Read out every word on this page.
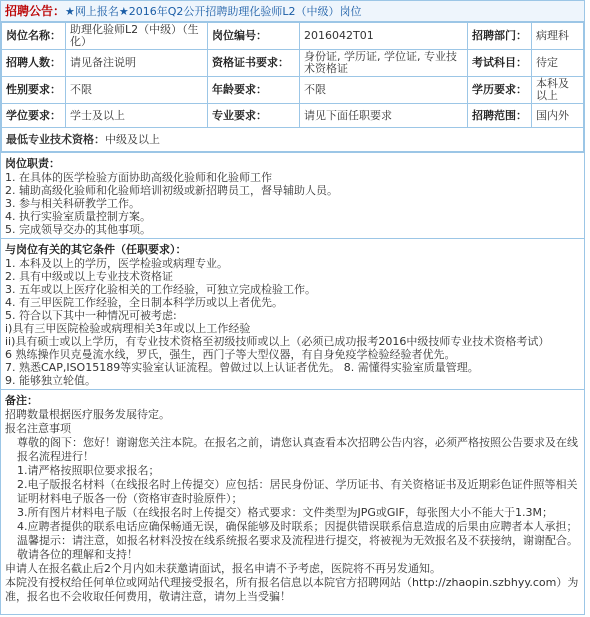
招聘公告：★网上报名★2016年Q2公开招聘助理化验师L2（中级）岗位
岗位名称：	助理化验师L2（中级）（生化）	岗位编号：	2016042T01	招聘部门：	病理科
招聘人数：	请见备注说明	资格证书要求：	身份证, 学历证, 学位证, 专业技术资格证	考试科目：	待定
性别要求：	不限	年龄要求：	不限	学历要求：	本科及以上
学位要求：	学士及以上	专业要求：	请见下面任职要求	招聘范围：	国内外
最低专业技术资格：中级及以上					
岗位职责：

1. 在具体的医学检验方面协助高级化验师和化验师工作

2. 辅助高级化验师和化验师培训初级或新招聘员工，督导辅助人员。

3. 参与相关科研教学工作。

4. 执行实验室质量控制方案。

5. 完成领导交办的其他事项。

与岗位有关的其它条件（任职要求）：

1. 本科及以上的学历，医学检验或病理专业。

2. 具有中级或以上专业技术资格证

3. 五年或以上医疗化验相关的工作经验，可独立完成检验工作。

4. 有三甲医院工作经验，全日制本科学历或以上者优先。

5. 符合以下其中一种情况可被考虑:

i)具有三甲医院检验或病理相关3年或以上工作经验

ii)具有硕士或以上学历，有专业技术资格至初级技师或以上（必须已成功报考2016中级技师专业技术资格考试）

6 熟练操作贝克曼流水线，罗氏，强生，西门子等大型仪器，有自身免疫学检验经验者优先。

7. 熟悉CAP,ISO15189等实验室认证流程。曾做过以上认证者优先。 8. 需懂得实验室质量管理。

9. 能够独立轮值。

备注：

招聘数量根据医疗服务发展待定。

报名注意事项

尊敬的阁下：您好！谢谢您关注本院。在报名之前，请您认真查看本次招聘公告内容，必须严格按照公告要求及在线报名流程进行！

1.请严格按照职位要求报名；

2.电子版报名材料（在线报名时上传提交）应包括：居民身份证、学历证书、有关资格证书及近期彩色证件照等相关证明材料电子版各一份（资格审查时验原件）；

3.所有图片材料电子版（在线报名时上传提交）格式要求：文件类型为JPG或GIF，每张图大小不能大于1.3M；

4.应聘者提供的联系电话应确保畅通无误，确保能够及时联系；因提供错误联系信息造成的后果由应聘者本人承担；

温馨提示：请注意，如报名材料没按在线系统报名要求及流程进行提交，将被视为无效报名及不获接纳，谢谢配合。敬请各位的理解和支持！

申请人在报名截止后2个月内如未获邀请面试，报名申请不予考虑，医院将不再另发通知。

本院没有授权给任何单位或网站代理接受报名，所有报名信息以本院官方招聘网站（http://zhaopin.szbhyy.com）为准，报名也不会收取任何费用，敬请注意，请勿上当受骗！
